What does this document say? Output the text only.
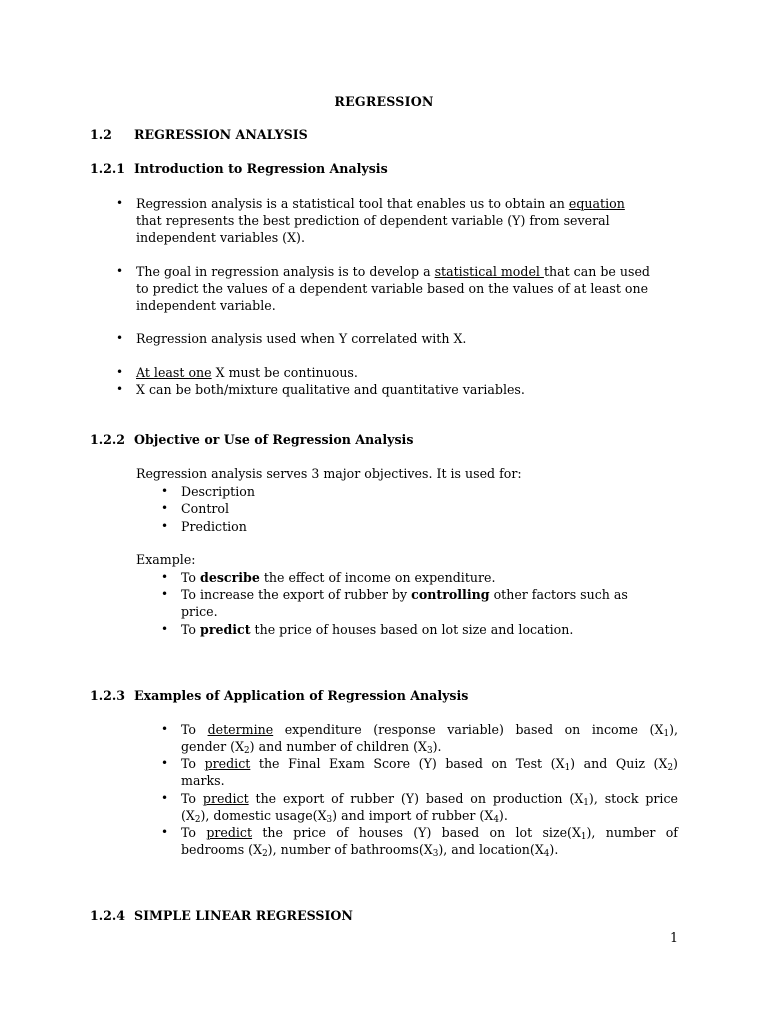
REGRESSION
1.2 REGRESSION ANALYSIS
1.2.1 Introduction to Regression Analysis
• Regression analysis is a statistical tool that enables us to obtain an equation
that represents the best prediction of dependent variable (Y) from several
independent variables (X).
• The goal in regression analysis is to develop a statistical model that can be used
to predict the values of a dependent variable based on the values of at least one
independent variable.
• Regression analysis used when Y correlated with X.
• At least one X must be continuous.
• X can be both/mixture qualitative and quantitative variables.
1.2.2 Objective or Use of Regression Analysis
Regression analysis serves 3 major objectives. It is used for:
• Description
• Control
• Prediction
Example:
• To describe the effect of income on expenditure.
• To increase the export of rubber by controlling other factors such as
price.
• To predict the price of houses based on lot size and location.
1.2.3 Examples of Application of Regression Analysis
• To determine expenditure (response variable) based on income $(X_1)$,
gender $(X_2)$ and number of children $(X_3)$.
• To predict the Final Exam Score (Y) based on Test $(X_1)$ and Quiz $(X_2)$
marks.
• To predict the export of rubber (Y) based on production $(X_1)$, stock price
$(X_2)$, domestic $usage(X_3)$ and import of rubber $(X_4)$.
• To predict the price of houses (Y) based on lot $size(X_1)$, number of
bedrooms $(X_2)$, number of $bathrooms(X_3)$, and $location(X_4)$.
1.2.4 SIMPLE LINEAR REGRESSION
1
